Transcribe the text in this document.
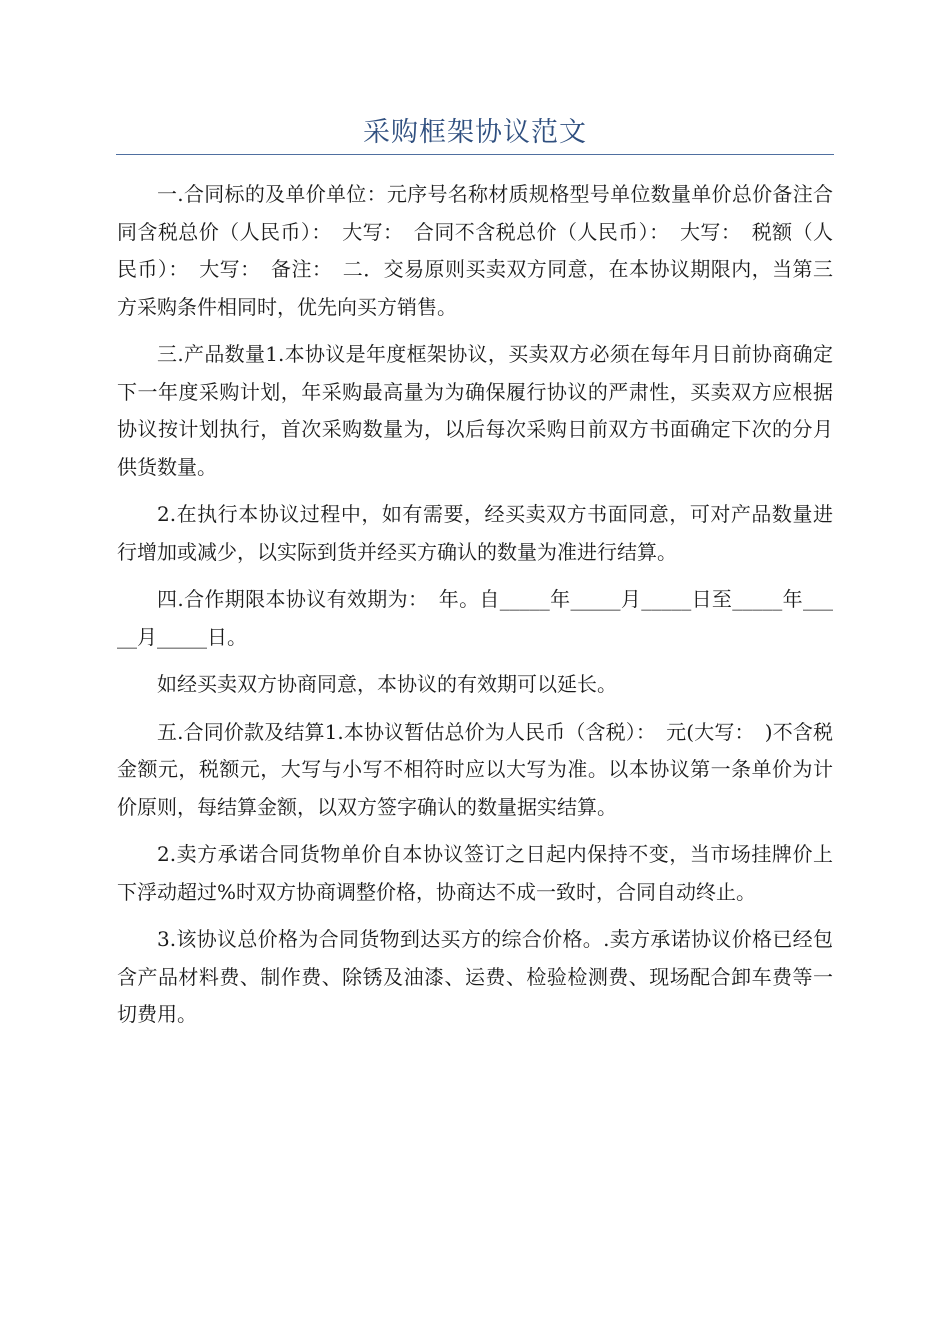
采购框架协议范文

一.合同标的及单价单位：元序号名称材质规格型号单位数量单价总价备注合同含税总价（人民币）：　大写：　合同不含税总价（人民币）：　大写：　税额（人民币）：　大写：　备注：　二．交易原则买卖双方同意，在本协议期限内，当第三方采购条件相同时，优先向买方销售。

三.产品数量1.本协议是年度框架协议，买卖双方必须在每年月日前协商确定下一年度采购计划，年采购最高量为为确保履行协议的严肃性，买卖双方应根据协议按计划执行，首次采购数量为，以后每次采购日前双方书面确定下次的分月供货数量。

2.在执行本协议过程中，如有需要，经买卖双方书面同意，可对产品数量进行增加或减少，以实际到货并经买方确认的数量为准进行结算。

四.合作期限本协议有效期为：　年。自_____年_____月_____日至_____年_____月_____日。

如经买卖双方协商同意，本协议的有效期可以延长。

五.合同价款及结算1.本协议暂估总价为人民币（含税）：　元(大写：　)不含税金额元，税额元，大写与小写不相符时应以大写为准。以本协议第一条单价为计价原则，每结算金额，以双方签字确认的数量据实结算。

2.卖方承诺合同货物单价自本协议签订之日起内保持不变，当市场挂牌价上下浮动超过%时双方协商调整价格，协商达不成一致时，合同自动终止。

3.该协议总价格为合同货物到达买方的综合价格。.卖方承诺协议价格已经包含产品材料费、制作费、除锈及油漆、运费、检验检测费、现场配合卸车费等一切费用。
